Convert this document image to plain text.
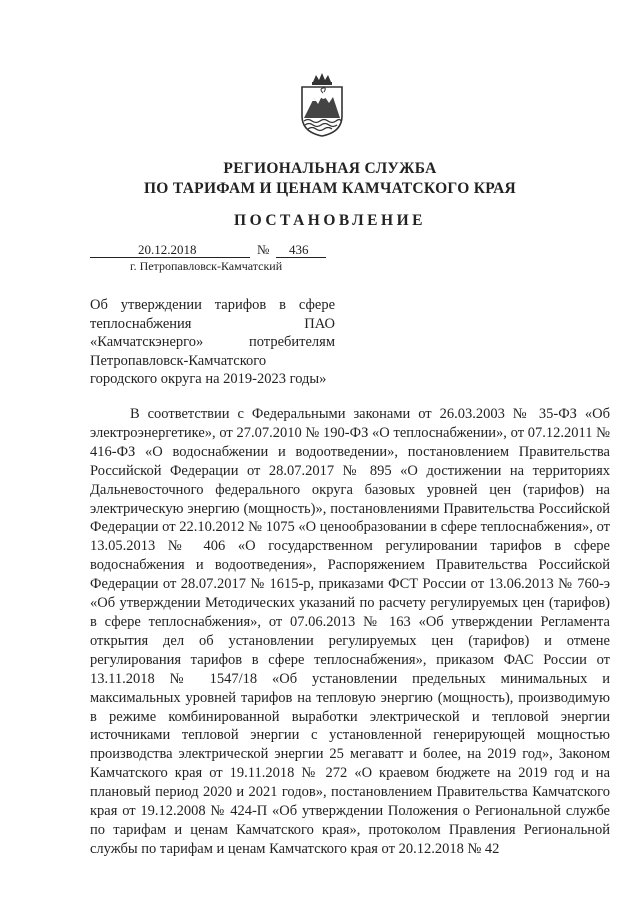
РЕГИОНАЛЬНАЯ СЛУЖБА
ПО ТАРИФАМ И ЦЕНАМ КАМЧАТСКОГО КРАЯ
ПОСТАНОВЛЕНИЕ
20.12.2018	№ 436
г. Петропавловск-Камчатский
Об утверждении тарифов в сфере теплоснабжения ПАО «Камчатскэнерго» потребителям Петропавловск-Камчатского городского округа на 2019-2023 годы»

В соответствии с Федеральными законами от 26.03.2003 № 35-ФЗ «Об электроэнергетике», от 27.07.2010 № 190-ФЗ «О теплоснабжении», от 07.12.2011 № 416-ФЗ «О водоснабжении и водоотведении», постановлением Правительства Российской Федерации от 28.07.2017 № 895 «О достижении на территориях Дальневосточного федерального округа базовых уровней цен (тарифов) на электрическую энергию (мощность)», постановлениями Правительства Российской Федерации от 22.10.2012 № 1075 «О ценообразовании в сфере теплоснабжения», от 13.05.2013 № 406 «О государственном регулировании тарифов в сфере водоснабжения и водоотведения», Распоряжением Правительства Российской Федерации от 28.07.2017 № 1615-р, приказами ФСТ России от 13.06.2013 № 760-э «Об утверждении Методических указаний по расчету регулируемых цен (тарифов) в сфере теплоснабжения», от 07.06.2013 № 163 «Об утверждении Регламента открытия дел об установлении регулируемых цен (тарифов) и отмене регулирования тарифов в сфере теплоснабжения», приказом ФАС России от 13.11.2018 № 1547/18 «Об установлении предельных минимальных и максимальных уровней тарифов на тепловую энергию (мощность), производимую в режиме комбинированной выработки электрической и тепловой энергии источниками тепловой энергии с установленной генерирующей мощностью производства электрической энергии 25 мегаватт и более, на 2019 год», Законом Камчатского края от 19.11.2018 № 272 «О краевом бюджете на 2019 год и на плановый период 2020 и 2021 годов», постановлением Правительства Камчатского края от 19.12.2008 № 424-П «Об утверждении Положения о Региональной службе по тарифам и ценам Камчатского края», протоколом Правления Региональной службы по тарифам и ценам Камчатского края от 20.12.2018 № 42
